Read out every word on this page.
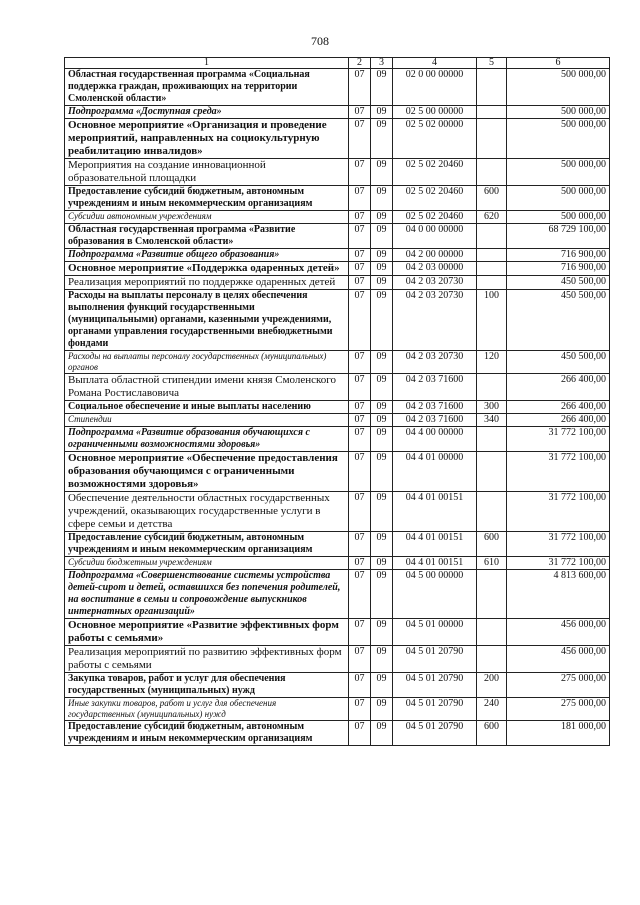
708
1	2	3	4	5	6
Областная государственная программа «Социальная поддержка граждан, проживающих на территории Смоленской области»	07	09	02 0 00 00000		500 000,00
Подпрограмма «Доступная среда»	07	09	02 5 00 00000		500 000,00
Основное мероприятие «Организация и проведение мероприятий, направленных на социокультурную реабилитацию инвалидов»	07	09	02 5 02 00000		500 000,00
Мероприятия на создание инновационной образовательной площадки	07	09	02 5 02 20460		500 000,00
Предоставление субсидий бюджетным, автономным учреждениям и иным некоммерческим организациям	07	09	02 5 02 20460	600	500 000,00
Субсидии автономным учреждениям	07	09	02 5 02 20460	620	500 000,00
Областная государственная программа «Развитие образования в Смоленской области»	07	09	04 0 00 00000		68 729 100,00
Подпрограмма «Развитие общего образования»	07	09	04 2 00 00000		716 900,00
Основное мероприятие «Поддержка одаренных детей»	07	09	04 2 03 00000		716 900,00
Реализация мероприятий по поддержке одаренных детей	07	09	04 2 03 20730		450 500,00
Расходы на выплаты персоналу в целях обеспечения выполнения функций государственными (муниципальными) органами, казенными учреждениями, органами управления государственными внебюджетными фондами	07	09	04 2 03 20730	100	450 500,00
Расходы на выплаты персоналу государственных (муниципальных) органов	07	09	04 2 03 20730	120	450 500,00
Выплата областной стипендии имени князя Смоленского Романа Ростиславовича	07	09	04 2 03 71600		266 400,00
Социальное обеспечение и иные выплаты населению	07	09	04 2 03 71600	300	266 400,00
Стипендии	07	09	04 2 03 71600	340	266 400,00
Подпрограмма «Развитие образования обучающихся с ограниченными возможностями здоровья»	07	09	04 4 00 00000		31 772 100,00
Основное мероприятие «Обеспечение предоставления образования обучающимся с ограниченными возможностями здоровья»	07	09	04 4 01 00000		31 772 100,00
Обеспечение деятельности областных государственных учреждений, оказывающих государственные услуги в сфере семьи и детства	07	09	04 4 01 00151		31 772 100,00
Предоставление субсидий бюджетным, автономным учреждениям и иным некоммерческим организациям	07	09	04 4 01 00151	600	31 772 100,00
Субсидии бюджетным учреждениям	07	09	04 4 01 00151	610	31 772 100,00
Подпрограмма «Совершенствование системы устройства детей-сирот и детей, оставшихся без попечения родителей, на воспитание в семьи и сопровождение выпускников интернатных организаций»	07	09	04 5 00 00000		4 813 600,00
Основное мероприятие «Развитие эффективных форм работы с семьями»	07	09	04 5 01 00000		456 000,00
Реализация мероприятий по развитию эффективных форм работы с семьями	07	09	04 5 01 20790		456 000,00
Закупка товаров, работ и услуг для обеспечения государственных (муниципальных) нужд	07	09	04 5 01 20790	200	275 000,00
Иные закупки товаров, работ и услуг для обеспечения государственных (муниципальных) нужд	07	09	04 5 01 20790	240	275 000,00
Предоставление субсидий бюджетным, автономным учреждениям и иным некоммерческим организациям	07	09	04 5 01 20790	600	181 000,00
